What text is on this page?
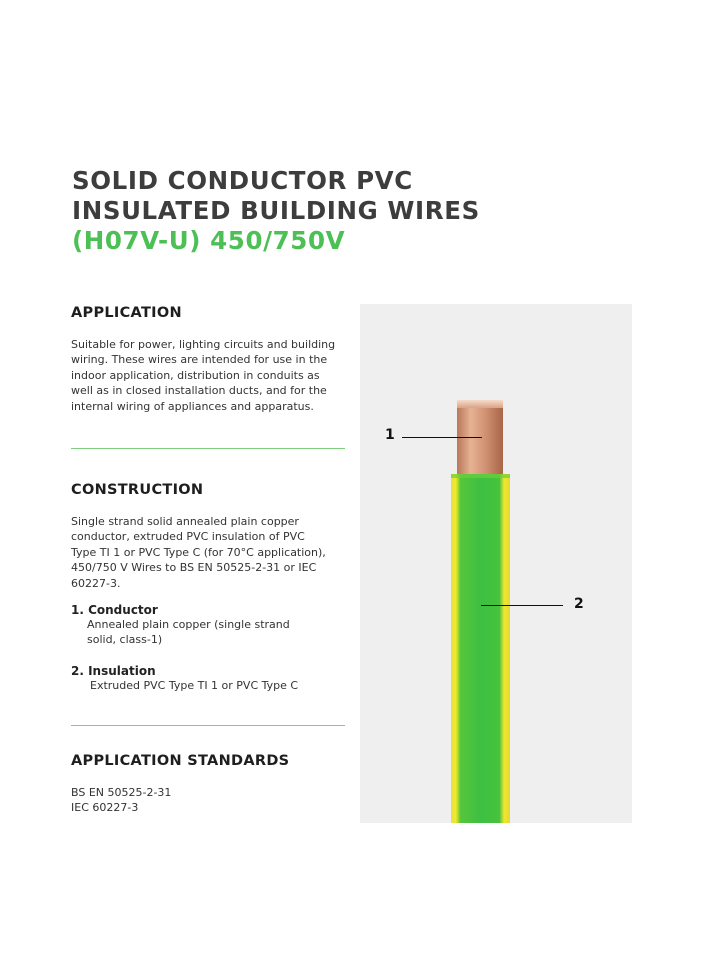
SOLID CONDUCTOR PVC
INSULATED BUILDING WIRES
(H07V-U) 450/750V
APPLICATION

Suitable for power, lighting circuits and building

wiring. These wires are intended for use in the

indoor application, distribution in conduits as

well as in closed installation ducts, and for the

internal wiring of appliances and apparatus.

CONSTRUCTION

Single strand solid annealed plain copper

conductor, extruded PVC insulation of PVC

Type TI 1 or PVC Type C (for 70°C application),

450/750 V Wires to BS EN 50525-2-31 or IEC

60227-3.

1. Conductor

Annealed plain copper (single strand

solid, class-1)

2. Insulation

Extruded PVC Type TI 1 or PVC Type C

APPLICATION STANDARDS

BS EN 50525-2-31

IEC 60227-3

1
2
